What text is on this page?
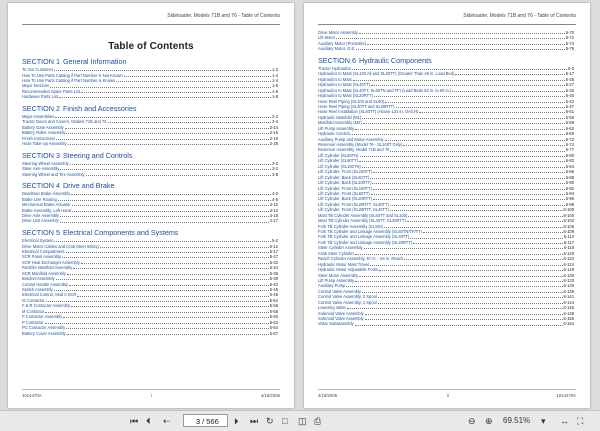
Sideloader, Models 71B and 76 - Table of Contents
Table of Contents
SECTION 1 General Information
To Our Customer	1-2
How To Use Parts Catalog if Part Number is Not Known	1-4
How To Use Parts Catalog if Part Number is Known	1-4
Major Sections	1-5
Recommended Spare Parts List	1-6
Hardware Parts List	1-8
SECTION 2 Finish and Accessories
Major Assemblies	2-2
Tractor Doors and Covers, Models 71B and 76	2-4
Battery Gate Assembly	2-14
Battery Roller Assembly	2-16
Finish Instructions	2-19
Hose Take-Up Assembly	2-28
SECTION 3 Steering and Controls
Steering Wheel Assembly	3-2
Steer Axle Assembly	3-2
Steering Wheel and Tire Assembly	3-8
SECTION 4 Drive and Brake
Deadman Brake Assembly	4-2
Brake Line Routing	4-5
Mechanical Brake Actuator	4-10
Brake Assembly, Left Hand	4-12
Drive Axle Assembly	4-15
Drive Unit Assembly	4-17
SECTION 5 Electrical Components and Systems
Electrical System	5-2
Drive Motor Cables and Crab Steer Wiring	5-12
Electrical Compartment	5-17
SCR Panel Assembly	5-27
SCR Heat Exchanger Assembly	5-32
Rectifier Manifold Assembly	5-34
SCR Manifold Assembly	5-36
Bracket Assembly	5-39
Control Handle Assembly	5-42
Switch Assembly	5-45
Electrical Control, Mod II SCR	5-48
IS Contactor	5-54
F & R Contactor Assembly	5-56
M Contactor	5-58
P Contactor Assembly	5-60
P Contactor	5-62
PC Contactor Assembly	5-64
Battery Cover Assembly	5-67
1014470A	i	4/18/2005
Sideloader, Models 71B and 76 - Table of Contents
Drive Motor Assembly	5-70
Lift Motor	5-72
Auxiliary Motor (Prestolite)	5-74
Auxiliary Motor, G.E.	5-76
SECTION 6 Hydraulic Components
Tractor Hydraulics	6-3
Hydraulics to Mast (SL100 All and SL60TT) (Greater Than 48 in. Load Bed)	6-17
Hydraulics to Mast	6-25
Hydraulics to Mast (SL40TT)	6-27
Hydraulics to Mast (SL40TT, SL60TN and TF) (Load Beds 52 in. to 60 in.)	6-32
Hydraulics to Mast (SL20RTT)	6-40
Hose Reel Piping (SL100 and SL60)	6-43
Hose Reel Piping (SL40TT and SL20RTT)	6-47
Hose Reel Installation (SL40TT) (Above 131 in. OACH)	6-51
Hydraulic Manifold (M1)	6-55
Manifold Assembly (M2)	6-59
Lift Pump Assembly	6-62
Hydraulic Control	6-69
Auxiliary Pump and Motor Assembly	6-72
Reservoir Assembly (Model 76 - SL100T Only)	6-74
Reservoir Assembly, Model 71B and 76	6-77
Lift Cylinder (SL60TN)	6-80
Lift Cylinder (SL60TT)	6-82
Lift Cylinder (SL100TN)	6-84
Lift Cylinder, Front (SL100TT)	6-86
Lift Cylinder, Back (SL60TT)	6-88
Lift Cylinder, Back (SL100TT)	6-90
Lift Cylinder, Front (SL100TT)	6-92
Lift Cylinder, Front (SL60TT)	6-94
Lift Cylinder, Back (SL20RTT)	6-96
Lift Cylinder, Front (SL20RTT, SL40TT)	6-98
Lift Cylinder, Front (SL20RTT, SL40TT)	6-100
Mast Tilt Cylinder Assembly (SL60TT and SL100)	6-100
Mast Tilt Cylinder Assembly (SL40TT, SL20RTT)	6-102
Fork Tilt Cylinder Assembly (SL100)	6-106
Fork Tilt Cylinder and Linkage Assembly (SL60TN/TF/TT)	6-109
Fork Tilt Cylinder and Linkage Assembly (SL40TT)	6-113
Fork Tilt Cylinder and Linkage Assembly (SL20RTT)	6-117
Steer Cylinder Assembly	6-118
Crab Steer Cylinder	6-120
Reach Cylinder Assembly, 57 in. - 54 in. Reach	6-122
Hydraulic Motor Mast Travel	6-124
Hydraulic Motor Adjustable Forks	6-128
Steer Motor Assembly	6-130
Lift Pump Assembly	6-133
Auxiliary Pump	6-136
Control Valve Assembly	6-139
Control Valve Assembly, 2 Spool	6-141
Control Valve Assembly, 1 Spool	6-144
Lowering Valve	6-146
Solenoid Valve Assembly	6-148
Solenoid Valve Assembly	6-150
Valve Subassembly	6-152
4/18/2005	ii	1014470A
⏮ ⏴ ⇠
3	/ 566	⏵ ⏭ ↻ □ ◫ ⎙	⊖ ⊕ 69.51%	▾ ↔ ⛶
